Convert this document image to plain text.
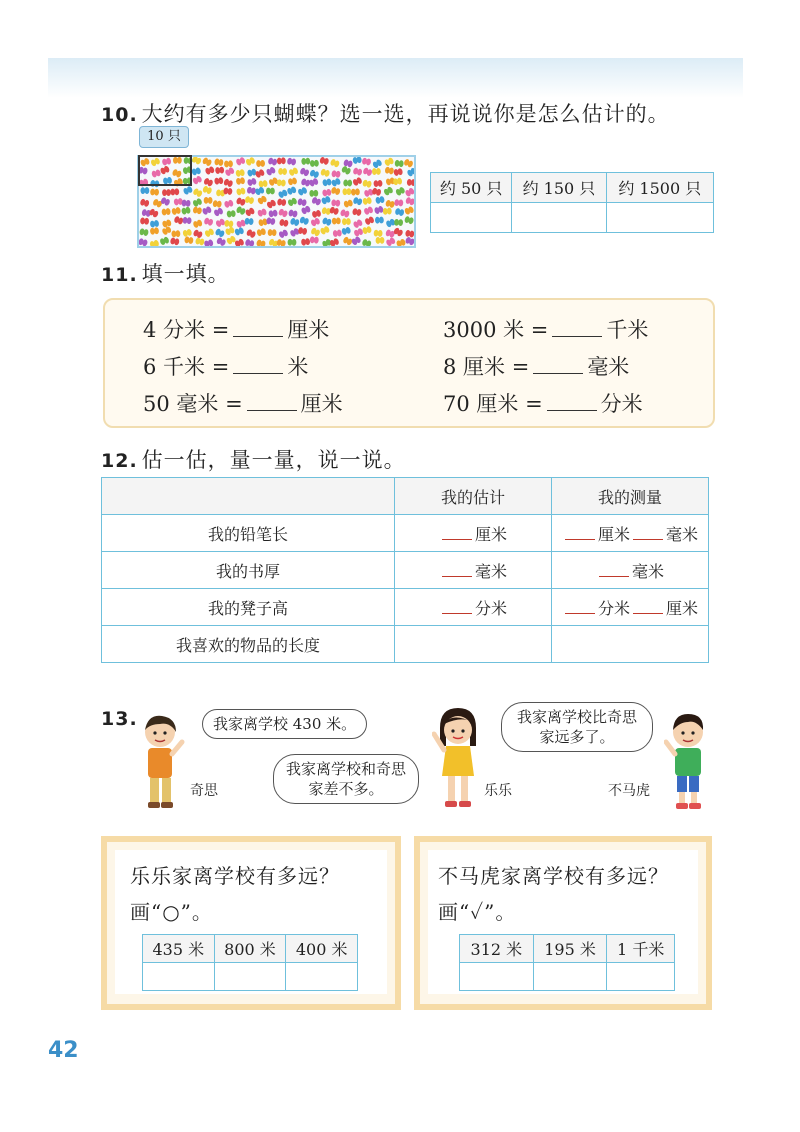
10. 大约有多少只蝴蝶？选一选，再说说你是怎么估计的。
10 只
约 50 只	约 150 只	约 1500 只

11. 填一填。
4 分米 =	厘米
6 千米 =	米
50 毫米 =	厘米
3000 米 =	千米
8 厘米 =	毫米
70 厘米 =	分米
12. 估一估，量一量，说一说。
	我的估计	我的测量
我的铅笔长	厘米	厘米 毫米
我的书厚	毫米	毫米
我的凳子高	分米	分米 厘米
我喜欢的物品的长度		
13.	我家离学校 430 米。
我家离学校和奇思家差不多。
奇思	乐乐
我家离学校比奇思家远多了。
不马虎
乐乐家离学校有多远？
画“○”。
435 米	800 米	400 米

不马虎家离学校有多远？
画“✓”。
312 米	195 米	1 千米

42
